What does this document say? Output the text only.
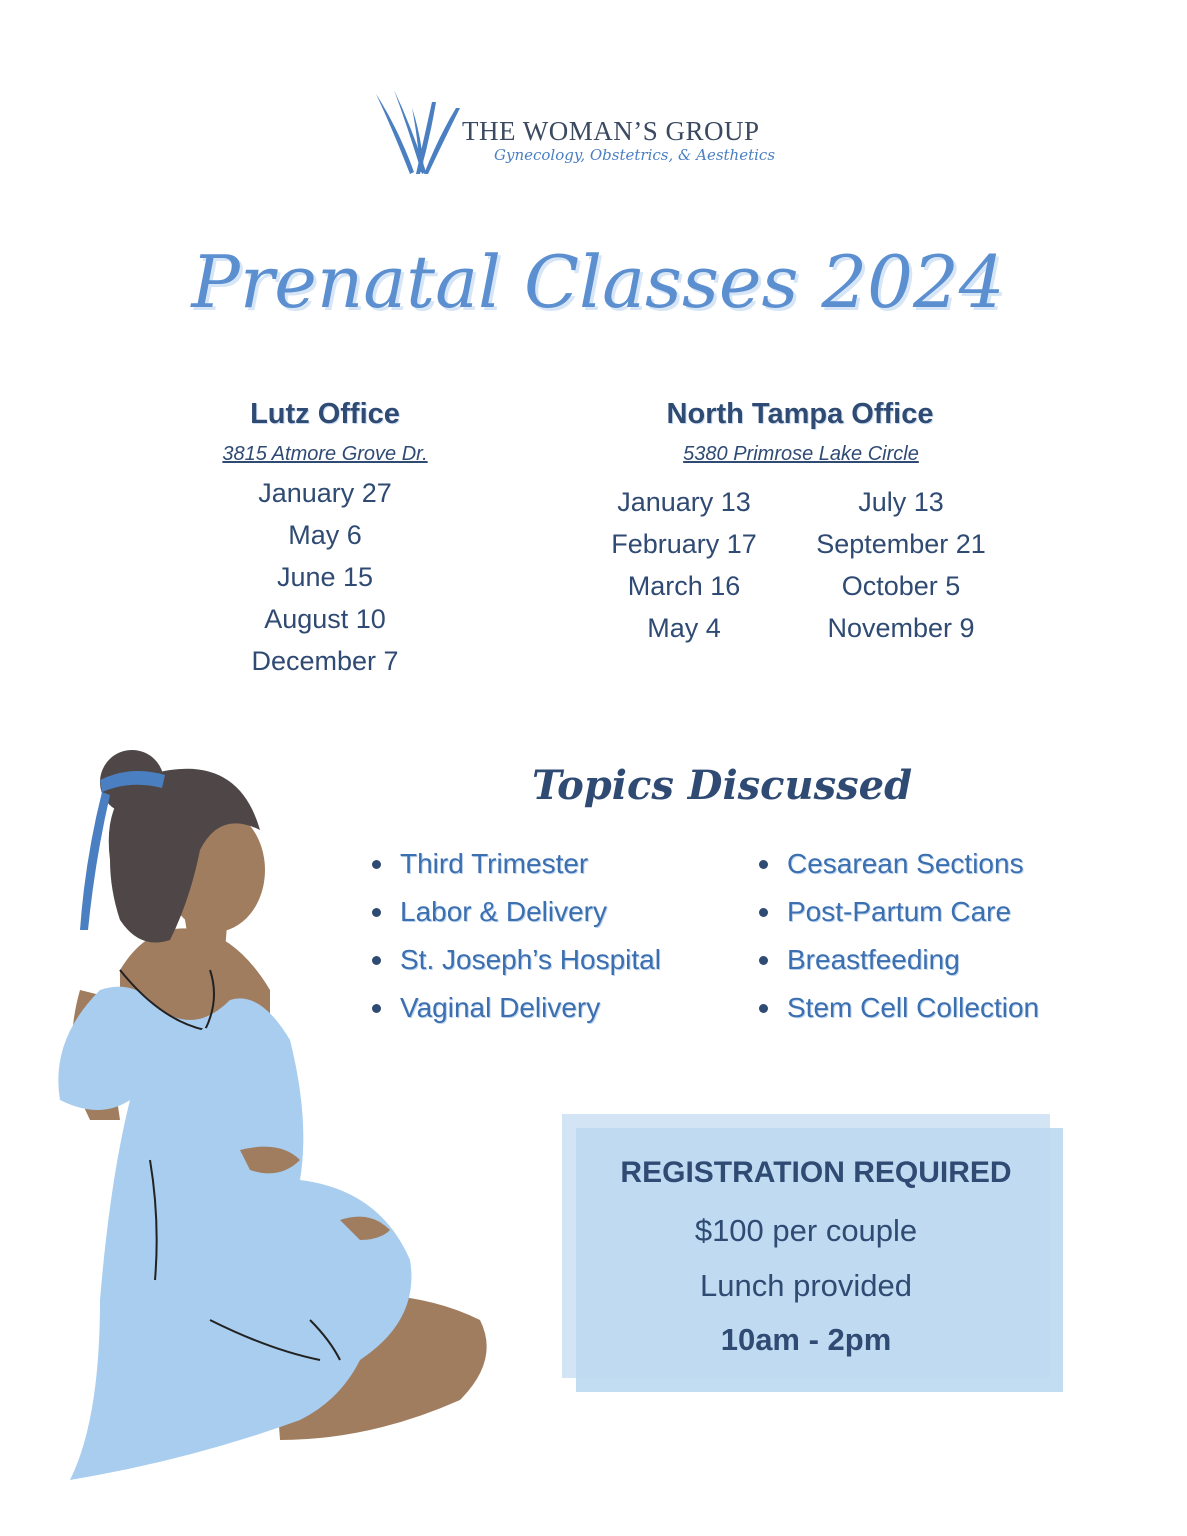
THE WOMAN’S GROUP
Gynecology, Obstetrics, & Aesthetics
Prenatal Classes 2024
Lutz Office
3815 Atmore Grove Dr.
January 27
May 6
June 15
August 10
December 7
North Tampa Office
5380 Primrose Lake Circle
January 13
February 17
March 16
May 4
July 13
September 21
October 5
November 9
Topics Discussed
Third Trimester
Labor & Delivery
St. Joseph’s Hospital
Vaginal Delivery
Cesarean Sections
Post-Partum Care
Breastfeeding
Stem Cell Collection
REGISTRATION REQUIRED
$100 per couple
Lunch provided
10am - 2pm
